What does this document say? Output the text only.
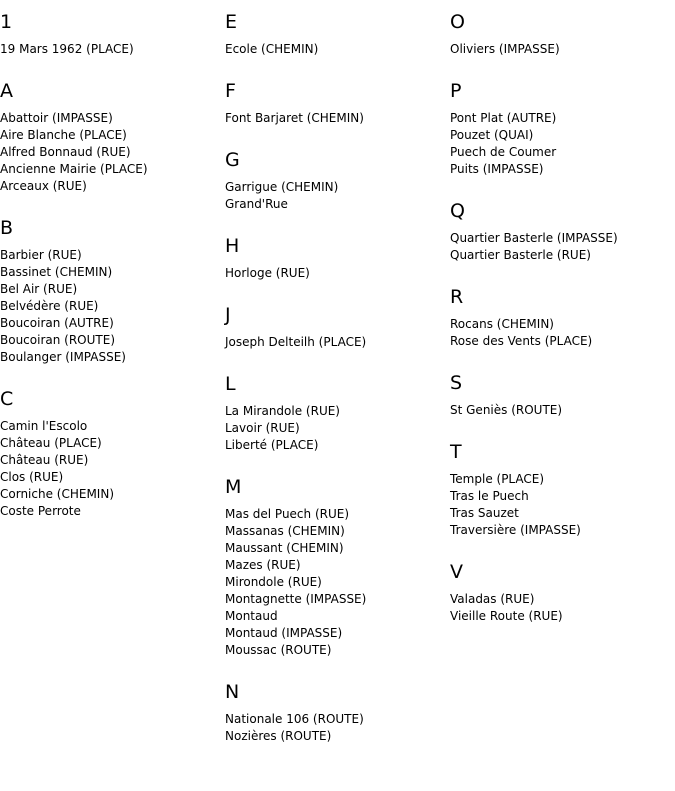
1
19 Mars 1962 (PLACE)
A
Abattoir (IMPASSE)
Aire Blanche (PLACE)
Alfred Bonnaud (RUE)
Ancienne Mairie (PLACE)
Arceaux (RUE)
B
Barbier (RUE)
Bassinet (CHEMIN)
Bel Air (RUE)
Belvédère (RUE)
Boucoiran (AUTRE)
Boucoiran (ROUTE)
Boulanger (IMPASSE)
C
Camin l'Escolo
Château (PLACE)
Château (RUE)
Clos (RUE)
Corniche (CHEMIN)
Coste Perrote
E
Ecole (CHEMIN)
F
Font Barjaret (CHEMIN)
G
Garrigue (CHEMIN)
Grand'Rue
H
Horloge (RUE)
J
Joseph Delteilh (PLACE)
L
La Mirandole (RUE)
Lavoir (RUE)
Liberté (PLACE)
M
Mas del Puech (RUE)
Massanas (CHEMIN)
Maussant (CHEMIN)
Mazes (RUE)
Mirondole (RUE)
Montagnette (IMPASSE)
Montaud
Montaud (IMPASSE)
Moussac (ROUTE)
N
Nationale 106 (ROUTE)
Nozières (ROUTE)
O
Oliviers (IMPASSE)
P
Pont Plat (AUTRE)
Pouzet (QUAI)
Puech de Coumer
Puits (IMPASSE)
Q
Quartier Basterle (IMPASSE)
Quartier Basterle (RUE)
R
Rocans (CHEMIN)
Rose des Vents (PLACE)
S
St Geniès (ROUTE)
T
Temple (PLACE)
Tras le Puech
Tras Sauzet
Traversière (IMPASSE)
V
Valadas (RUE)
Vieille Route (RUE)
